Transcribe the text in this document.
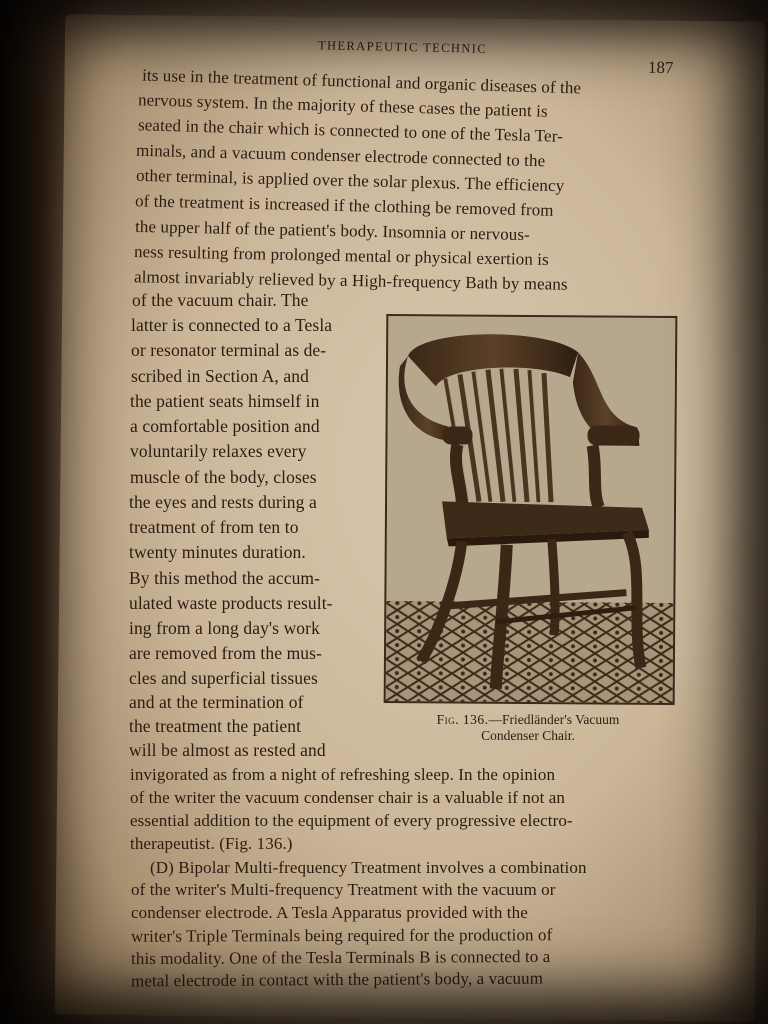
THERAPEUTIC TECHNIC
187
its use in the treatment of functional and organic diseases of the
nervous system. In the majority of these cases the patient is
seated in the chair which is connected to one of the Tesla Ter-
minals, and a vacuum condenser electrode connected to the
other terminal, is applied over the solar plexus. The efficiency
of the treatment is increased if the clothing be removed from
the upper half of the patient's body. Insomnia or nervous-
ness resulting from prolonged mental or physical exertion is
almost invariably relieved by a High-frequency Bath by means
of the vacuum chair. The
latter is connected to a Tesla
or resonator terminal as de-
scribed in Section A, and
the patient seats himself in
a comfortable position and
voluntarily relaxes every
muscle of the body, closes
the eyes and rests during a
treatment of from ten to
twenty minutes duration.
By this method the accum-
ulated waste products result-
ing from a long day's work
are removed from the mus-
cles and superficial tissues
and at the termination of
the treatment the patient
will be almost as rested and
invigorated as from a night of refreshing sleep. In the opinion
of the writer the vacuum condenser chair is a valuable if not an
essential addition to the equipment of every progressive electro-
therapeutist. (Fig. 136.)
(D) Bipolar Multi-frequency Treatment involves a combination
of the writer's Multi-frequency Treatment with the vacuum or
condenser electrode. A Tesla Apparatus provided with the
writer's Triple Terminals being required for the production of
this modality. One of the Tesla Terminals B is connected to a
metal electrode in contact with the patient's body, a vacuum
Fig. 136.—Friedländer's Vacuum
Condenser Chair.
